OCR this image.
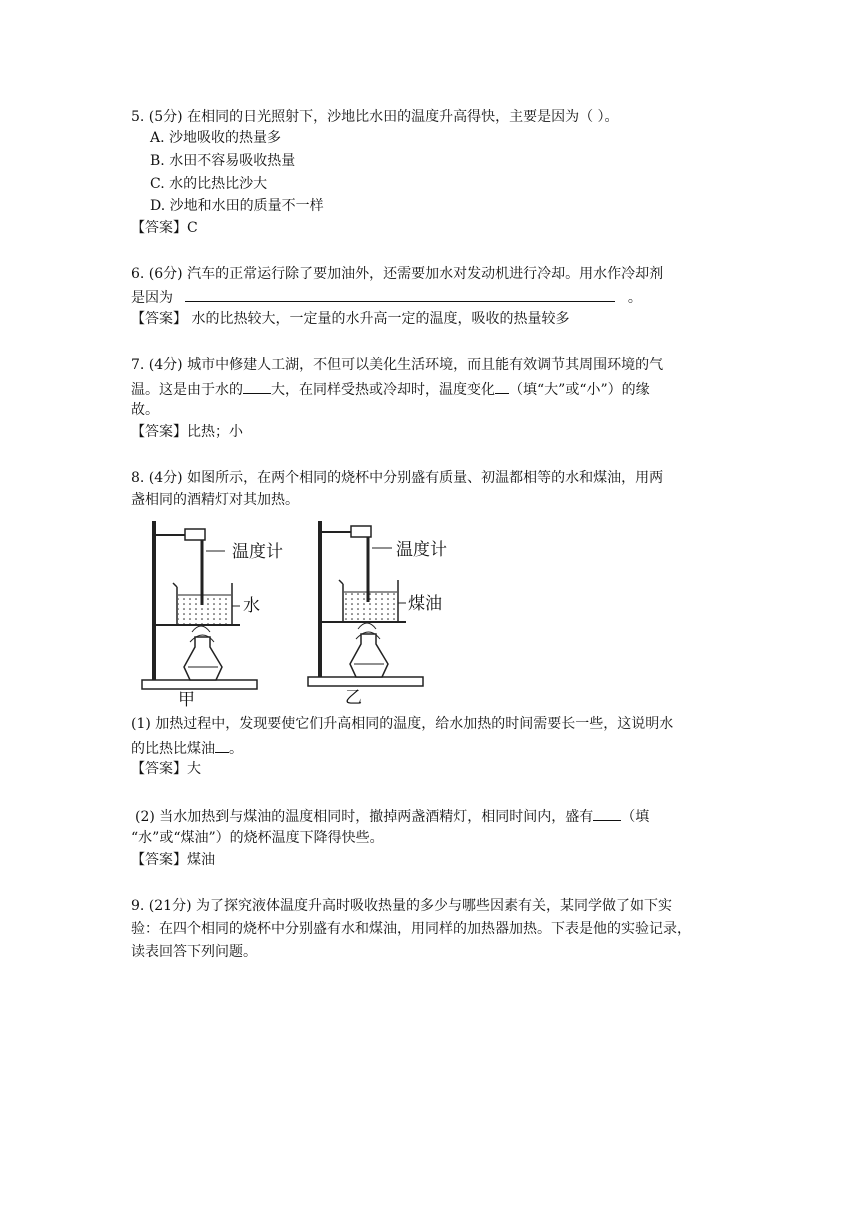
5. (5分) 在相同的日光照射下，沙地比水田的温度升高得快，主要是因为（ ）。
A. 沙地吸收的热量多
B. 水田不容易吸收热量
C. 水的比热比沙大
D. 沙地和水田的质量不一样
【答案】C
6. (6分) 汽车的正常运行除了要加油外，还需要加水对发动机进行冷却。用水作冷却剂
是因为	。
【答案】 水的比热较大，一定量的水升高一定的温度，吸收的热量较多
7. (4分) 城市中修建人工湖，不但可以美化生活环境，而且能有效调节其周围环境的气
温。这是由于水的 大，在同样受热或冷却时，温度变化 （填“大”或“小”）的缘
故。
【答案】比热；小
8. (4分) 如图所示，在两个相同的烧杯中分别盛有质量、初温都相等的水和煤油，用两
盏相同的酒精灯对其加热。
温度计
水
甲
温度计
煤油
乙
(1) 加热过程中，发现要使它们升高相同的温度，给水加热的时间需要长一些，这说明水
的比热比煤油 。
【答案】大
(2) 当水加热到与煤油的温度相同时，撤掉两盏酒精灯，相同时间内，盛有 （填
“水”或“煤油”）的烧杯温度下降得快些。
【答案】煤油
9. (21分) 为了探究液体温度升高时吸收热量的多少与哪些因素有关，某同学做了如下实
验：在四个相同的烧杯中分别盛有水和煤油，用同样的加热器加热。下表是他的实验记录，
读表回答下列问题。
